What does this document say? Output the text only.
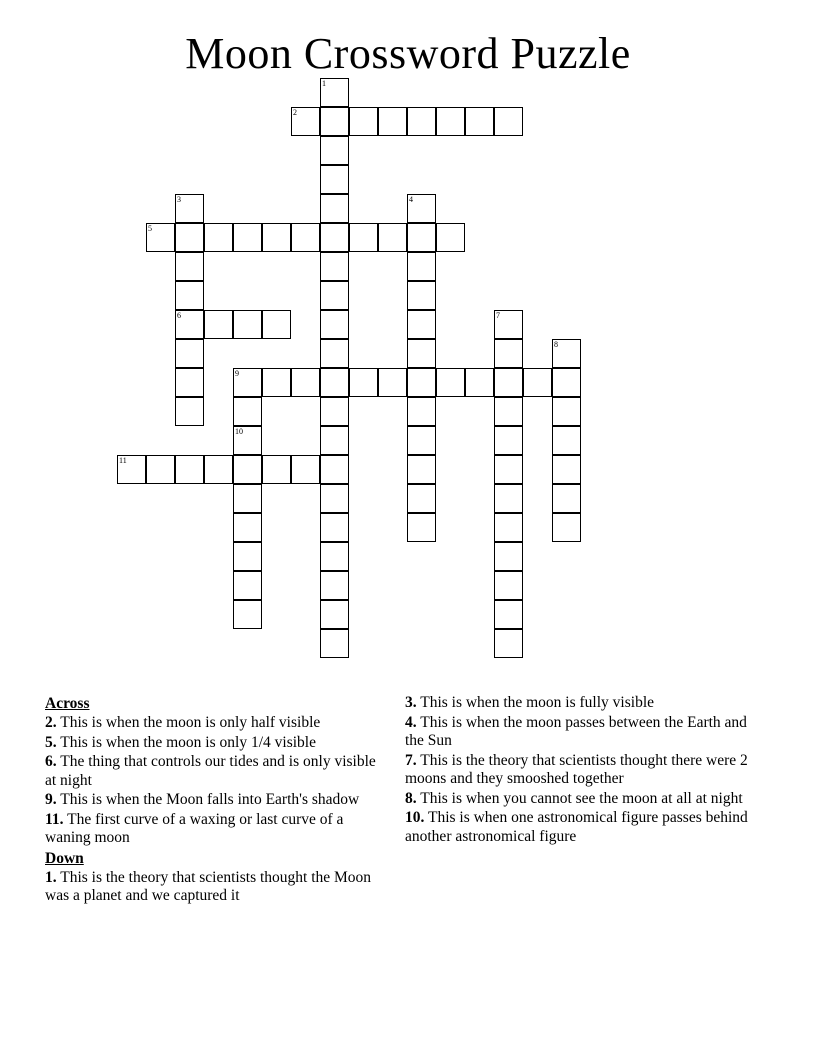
Moon Crossword Puzzle
1
2
3	4
5
6	7
8
9
10
11
Across
2. This is when the moon is only half visible
5. This is when the moon is only 1/4 visible
6. The thing that controls our tides and is only visible at night
9. This is when the Moon falls into Earth's shadow
11. The first curve of a waxing or last curve of a waning moon
Down
1. This is the theory that scientists thought the Moon was a planet and we captured it
3. This is when the moon is fully visible
4. This is when the moon passes between the Earth and the Sun
7. This is the theory that scientists thought there were 2 moons and they smooshed together
8. This is when you cannot see the moon at all at night
10. This is when one astronomical figure passes behind another astronomical figure
